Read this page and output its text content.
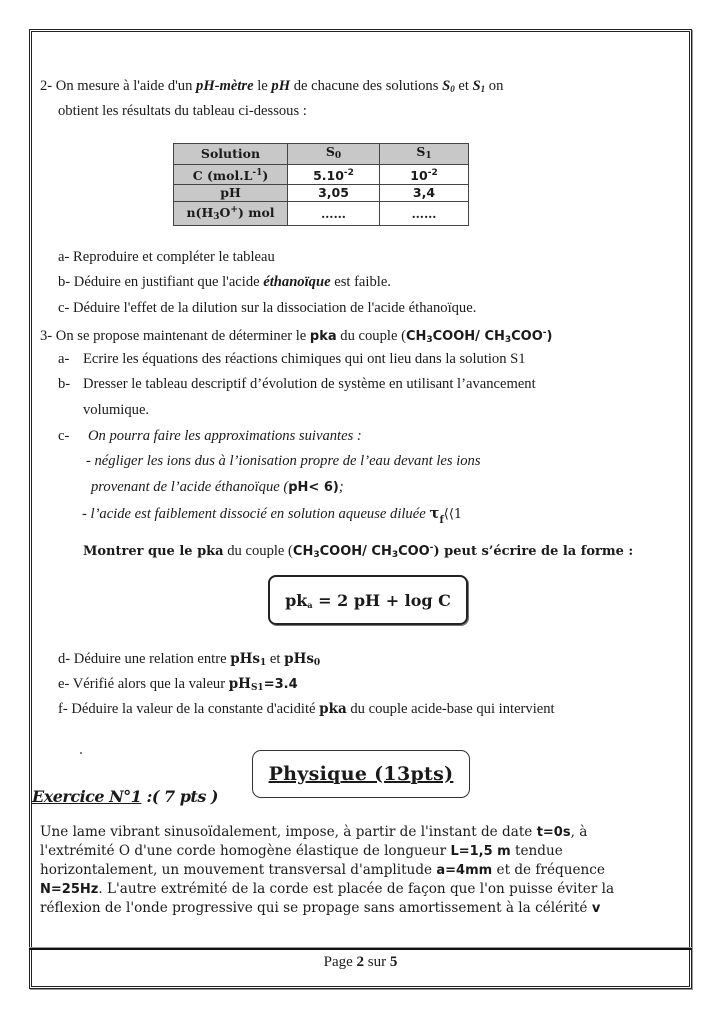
2- On mesure à l'aide d'un pH-mètre le pH de chacune des solutions $S_0$ et $S_1$ on
obtient les résultats du tableau ci-dessous :
Solution	$S_0$	$S_1$
C $(mol.L^{-1})$	$5.10^{-2}$	$10^{-2}$
pH	3,05	3,4
$n(H_3O^+)$ mol	……	……
a- Reproduire et compléter le tableau
b- Déduire en justifiant que l'acide éthanoïque est faible.
c- Déduire l'effet de la dilution sur la dissociation de l'acide éthanoïque.
3- On se propose maintenant de déterminer le pka du couple ($CH_3COOH/$ $CH_3COO^-$)
a- Ecrire les équations des réactions chimiques qui ont lieu dans la solution S1
b- Dresser le tableau descriptif d’évolution de système en utilisant l’avancement
volumique.
c- On pourra faire les approximations suivantes :
- négliger les ions dus à l’ionisation propre de l’eau devant les ions
provenant de l’acide éthanoïque (pH< 6);
- l’acide est faiblement dissocié en solution aqueuse diluée $\tau_f⟨⟨1$
Montrer que le pka du couple ($CH_3COOH/$ $CH_3COO^-$) peut s’écrire de la forme :
$pk_a = 2$ pH + log C
d- Déduire une relation entre pHs$_1$ et pHs$_0$
e- Vérifié alors que la valeur $pH_{S1}=3.4$
f- Déduire la valeur de la constante d'acidité pka du couple acide-base qui intervient
Physique (13pts)
Exercice N°1 :( 7 pts )
Une lame vibrant sinusoïdalement, impose, à partir de l'instant de date t=0s, à
l'extrémité O d'une corde homogène élastique de longueur L=1,5 m tendue
horizontalement, un mouvement transversal d'amplitude a=4mm et de fréquence
N=25Hz. L'autre extrémité de la corde est placée de façon que l'on puisse éviter la
réflexion de l'onde progressive qui se propage sans amortissement à la célérité v
Page 2 sur 5
